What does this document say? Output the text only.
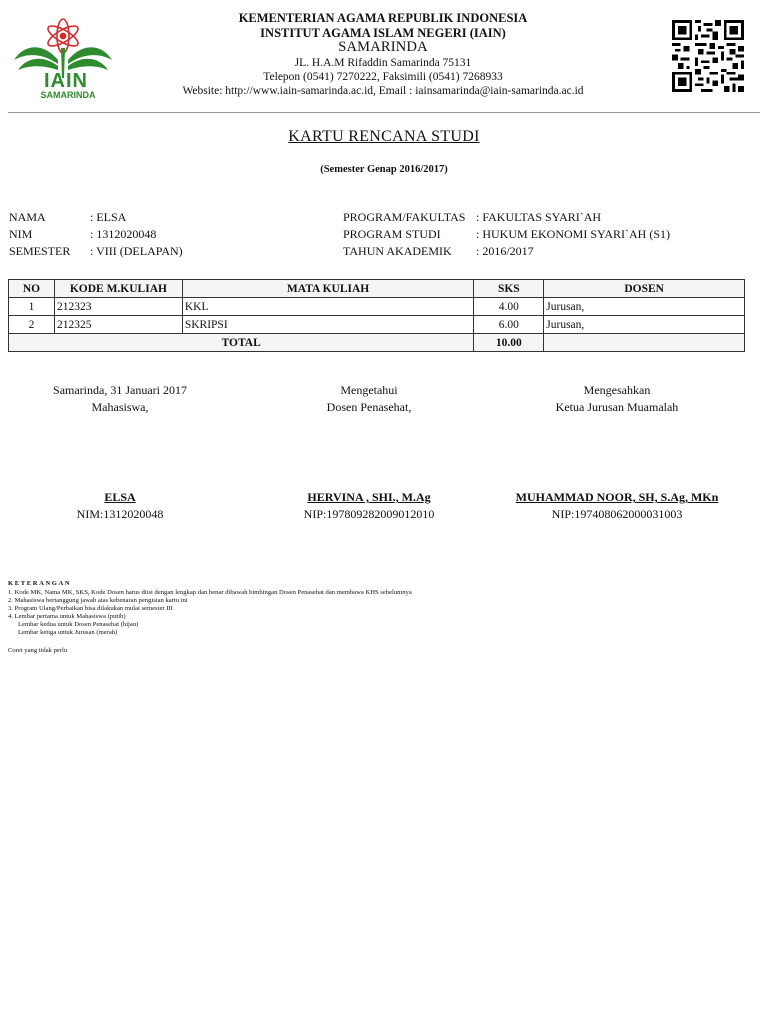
IAIN
SAMARINDA
KEMENTERIAN AGAMA REPUBLIK INDONESIA
INSTITUT AGAMA ISLAM NEGERI (IAIN)
SAMARINDA
JL. H.A.M Rifaddin Samarinda 75131
Telepon (0541) 7270222, Faksimili (0541) 7268933
Website: http://www.iain-samarinda.ac.id, Email : iainsamarinda@iain-samarinda.ac.id
KARTU RENCANA STUDI
(Semester Genap 2016/2017)
NAMA	: ELSA
NIM	: 1312020048
SEMESTER : VIII (DELAPAN)
PROGRAM/FAKULTAS : FAKULTAS SYARI`AH
PROGRAM STUDI	: HUKUM EKONOMI SYARI`AH (S1)
TAHUN AKADEMIK : 2016/2017
NO	KODE M.KULIAH	MATA KULIAH	SKS	DOSEN
1	212323	KKL	4.00	Jurusan,
2	212325	SKRIPSI	6.00	Jurusan,
TOTAL			10.00	
Samarinda, 31 Januari 2017
Mahasiswa,
ELSA
NIM:1312020048
Mengetahui
Dosen Penasehat,
HERVINA , SHI., M.Ag
NIP:197809282009012010
Mengesahkan
Ketua Jurusan Muamalah
MUHAMMAD NOOR, SH, S.Ag, MKn
NIP:197408062000031003
KETERANGAN
1. Kode MK, Nama MK, SKS, Kode Dosen harus diisi dengan lengkap dan benar dibawah bimbingan Dosen Penasehat dan membawa KHS sebelumnya
2. Mahasiswa bertanggung jawab atas kebenaran pengisian kartu ini
3. Program Ulang/Perbaikan bisa dilakukan mulai semester III
4. Lembar pertama untuk Mahasiswa (putih)
Lembar kedua untuk Dosen Penasehat (hijau)
Lembar ketiga untuk Jurusan (merah)
Coret yang tidak perlu
